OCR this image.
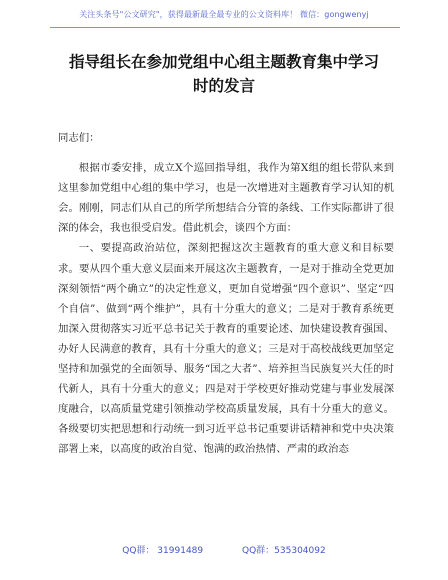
关注头条号"公文研究"，获得最新最全最专业的公文资料库！ 微信：gongwenyj
指导组长在参加党组中心组主题教育集中学习
时的发言

同志们：

根据市委安排，成立X个巡回指导组，我作为第X组的组长带队来到这里参加党组中心组的集中学习，也是一次增进对主题教育学习认知的机会。刚刚，同志们从自己的所学所想结合分管的条线、工作实际都讲了很深的体会，我也很受启发。借此机会，谈四个方面：

一、要提高政治站位，深刻把握这次主题教育的重大意义和目标要求。要从四个重大意义层面来开展这次主题教育，一是对于推动全党更加深刻领悟“两个确立”的决定性意义，更加自觉增强“四个意识”、坚定“四个自信”、做到“两个维护”，具有十分重大的意义；二是对于教育系统更加深入贯彻落实习近平总书记关于教育的重要论述、加快建设教育强国、办好人民满意的教育，具有十分重大的意义；三是对于高校战线更加坚定坚持和加强党的全面领导、服务“国之大者”、培养担当民族复兴大任的时代新人，具有十分重大的意义；四是对于学校更好推动党建与事业发展深度融合，以高质量党建引领推动学校高质量发展，具有十分重大的意义。各级要切实把思想和行动统一到习近平总书记重要讲话精神和党中央决策部署上来，以高度的政治自觉、饱满的政治热情、严肃的政治态

QQ群： 31991489	QQ群：535304092
